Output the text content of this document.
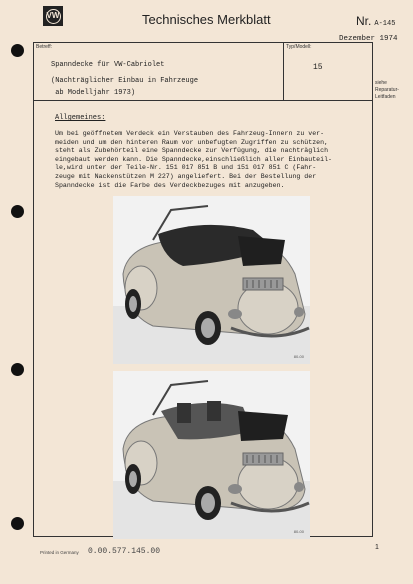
VW	Technisches Merkblatt	Nr. A-145
Dezember 1974
Betreff:
Spanndecke für VW-Cabriolet
(Nachträglicher Einbau in Fahrzeuge
ab Modelljahr 1973)
Typ/Modell:
15
siehe
Reparatur-
Leitfaden
Allgemeines:
Um bei geöffnetem Verdeck ein Verstauben des Fahrzeug-Innern zu ver-
meiden und um den hinteren Raum vor unbefugten Zugriffen zu schützen,
steht als Zubehörteil eine Spanndecke zur Verfügung, die nachträglich
eingebaut werden kann. Die Spanndecke,einschließlich aller Einbauteil-
le,wird unter der Teile-Nr. 151 017 851 B und 151 017 851 C (Fahr-
zeuge mit Nackenstützen M 227) angeliefert. Bei der Bestellung der
Spanndecke ist die Farbe des Verdeckbezuges mit anzugeben.
80-00
80-00
1
Printed in Germany 0.00.577.145.00
